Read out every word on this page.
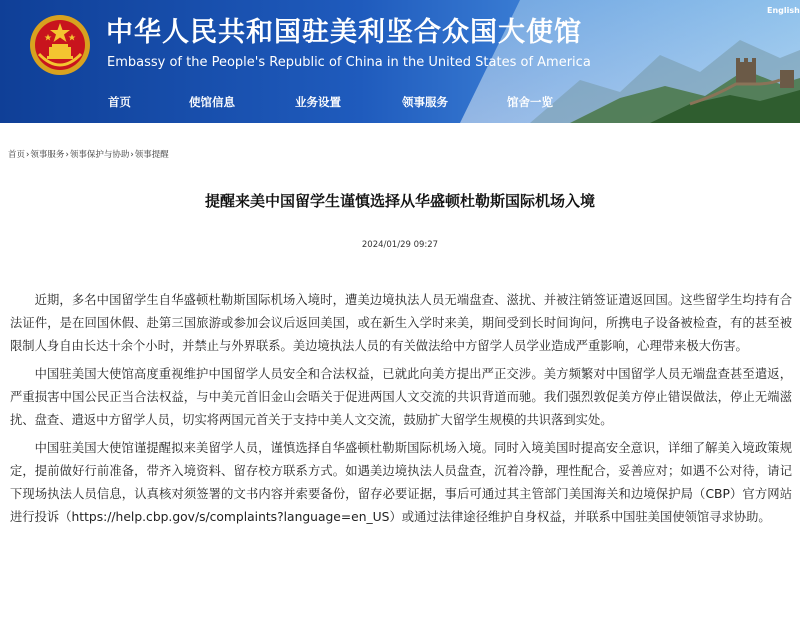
中华人民共和国驻美利坚合众国大使馆
Embassy of the People's Republic of China in the United States of America
English
首页	使馆信息	业务设置	领事服务	馆舍一览
首页›领事服务›领事保护与协助›领事提醒
提醒来美中国留学生谨慎选择从华盛顿杜勒斯国际机场入境
2024/01/29 09:27

近期，多名中国留学生自华盛顿杜勒斯国际机场入境时，遭美边境执法人员无端盘查、滋扰、并被注销签证遣返回国。这些留学生均持有合法证件，是在回国休假、赴第三国旅游或参加会议后返回美国，或在新生入学时来美，期间受到长时间询问，所携电子设备被检查，有的甚至被限制人身自由长达十余个小时，并禁止与外界联系。美边境执法人员的有关做法给中方留学人员学业造成严重影响，心理带来极大伤害。

中国驻美国大使馆高度重视维护中国留学人员安全和合法权益，已就此向美方提出严正交涉。美方频繁对中国留学人员无端盘查甚至遣返，严重损害中国公民正当合法权益，与中美元首旧金山会晤关于促进两国人文交流的共识背道而驰。我们强烈敦促美方停止错误做法，停止无端滋扰、盘查、遣返中方留学人员，切实将两国元首关于支持中美人文交流，鼓励扩大留学生规模的共识落到实处。

中国驻美国大使馆谨提醒拟来美留学人员，谨慎选择自华盛顿杜勒斯国际机场入境。同时入境美国时提高安全意识，详细了解美入境政策规定，提前做好行前准备，带齐入境资料、留存校方联系方式。如遇美边境执法人员盘查，沉着冷静，理性配合，妥善应对；如遇不公对待，请记下现场执法人员信息，认真核对须签署的文书内容并索要备份，留存必要证据，事后可通过其主管部门美国海关和边境保护局（CBP）官方网站进行投诉（https://help.cbp.gov/s/complaints?language=en_US）或通过法律途径维护自身权益，并联系中国驻美国使领馆寻求协助。
